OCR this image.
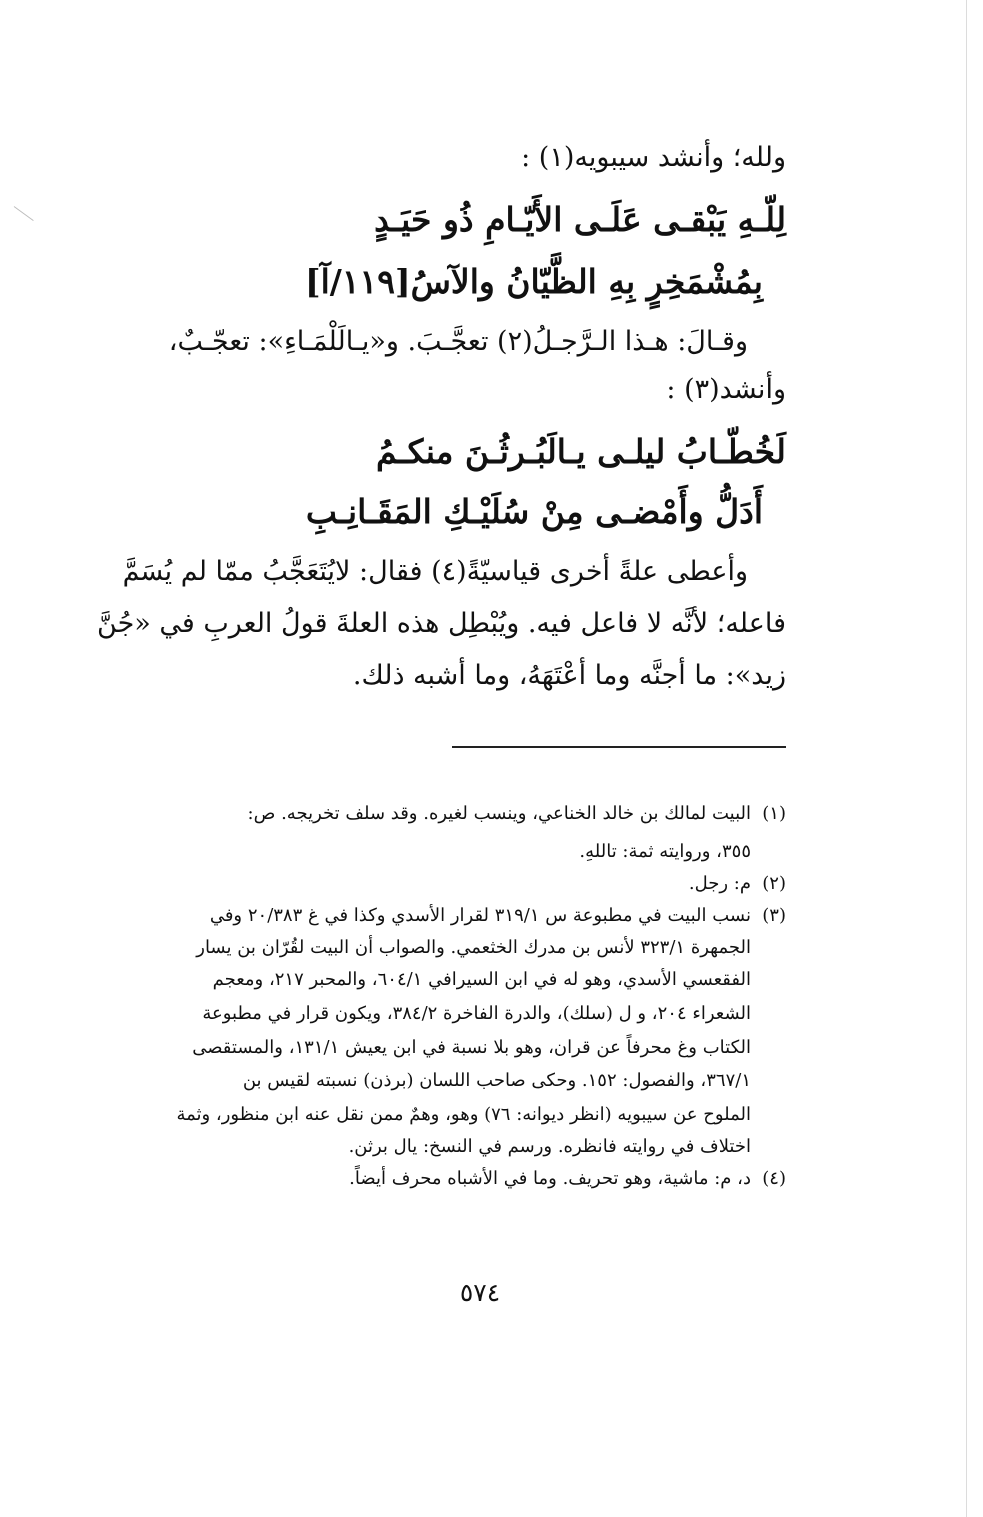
ولله؛ وأنشد سيبويه(١) :
لِلّـهِ يَبْقـى عَلَـى الأَيّـامِ ذُو حَيَـدٍ
بِمُشْمَخِرٍ بِهِ الظَّيّانُ والآسُ[١١٩/آ]
وقـالَ: هـذا الـرَّجـلُ(٢) تعجَّـبَ. و«يـالَلْمَـاءِ»: تعجّـبٌ،
وأنشد(٣) :
لَخُطّـابُ ليلـى يـالَبُـرثُـنَ منكـمُ
أَدَلُّ وأَمْضـى مِنْ سُلَيْـكِ المَقَـانِـبِ
وأعطى علةً أخرى قياسيّةً(٤) فقال: لايُتَعَجَّبُ ممّا لم يُسَمَّ
فاعله؛ لأنَّه لا فاعل فيه. ويُبْطِل هذه العلةَ قولُ العربِ في «جُنَّ
زيد»: ما أجنَّه وما أعْتَهَهُ، وما أشبه ذلك.
(١)
البيت لمالك بن خالد الخناعي، وينسب لغيره. وقد سلف تخريجه. ص:
٣٥٥، وروايته ثمة: تاللهِ.
(٢)
م: رجل.
(٣)
نسب البيت في مطبوعة س ٣١٩/١ لقرار الأسدي وكذا في غ ٢٠/٣٨٣ وفي
الجمهرة ٣٢٣/١ لأنس بن مدرك الخثعمي. والصواب أن البيت لقُرّان بن يسار
الفقعسي الأسدي، وهو له في ابن السيرافي ٦٠٤/١، والمحبر ٢١٧، ومعجم
الشعراء ٢٠٤، و ل (سلك)، والدرة الفاخرة ٣٨٤/٢، ويكون قرار في مطبوعة
الكتاب وغ محرفاً عن قران، وهو بلا نسبة في ابن يعيش ١٣١/١، والمستقصى
٣٦٧/١، والفصول: ١٥٢. وحكى صاحب اللسان (برذن) نسبته لقيس بن
الملوح عن سيبويه (انظر ديوانه: ٧٦) وهو، وهمٌ ممن نقل عنه ابن منظور، وثمة
اختلاف في روايته فانظره. ورسم في النسخ: يال برثن.
(٤)
د، م: ماشية، وهو تحريف. وما في الأشباه محرف أيضاً.
٥٧٤
